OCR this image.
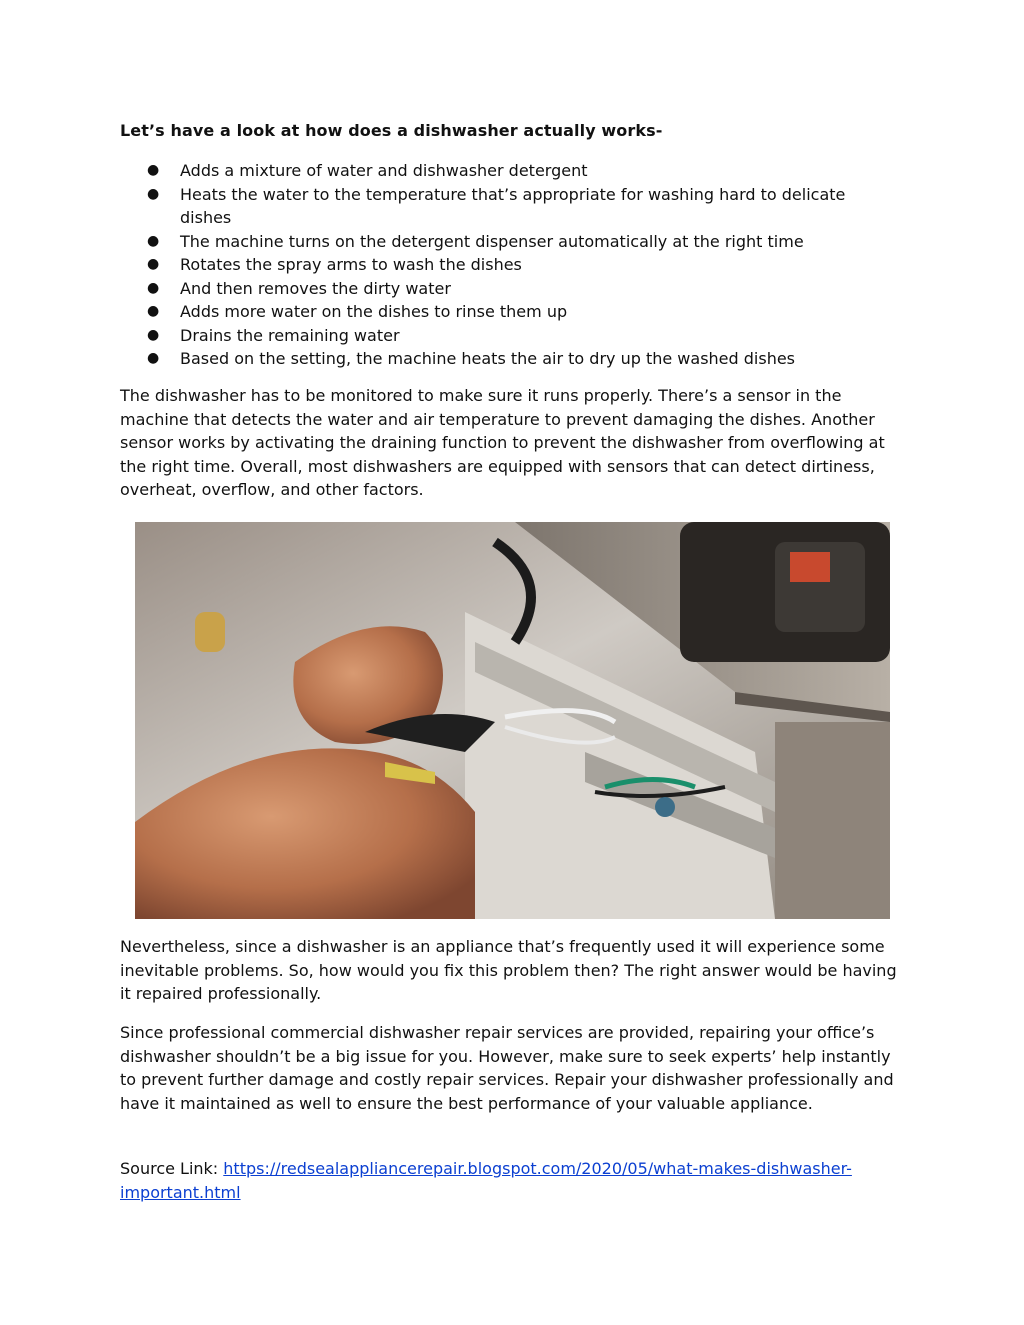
Let’s have a look at how does a dishwasher actually works-
● Adds a mixture of water and dishwasher detergent
● Heats the water to the temperature that’s appropriate for washing hard to delicate dishes
● The machine turns on the detergent dispenser automatically at the right time
● Rotates the spray arms to wash the dishes
● And then removes the dirty water
● Adds more water on the dishes to rinse them up
● Drains the remaining water
● Based on the setting, the machine heats the air to dry up the washed dishes

The dishwasher has to be monitored to make sure it runs properly. There’s a sensor in the machine that detects the water and air temperature to prevent damaging the dishes. Another sensor works by activating the draining function to prevent the dishwasher from overflowing at the right time. Overall, most dishwashers are equipped with sensors that can detect dirtiness, overheat, overflow, and other factors.

Nevertheless, since a dishwasher is an appliance that’s frequently used it will experience some inevitable problems. So, how would you fix this problem then? The right answer would be having it repaired professionally.

Since professional commercial dishwasher repair services are provided, repairing your office’s dishwasher shouldn’t be a big issue for you. However, make sure to seek experts’ help instantly to prevent further damage and costly repair services. Repair your dishwasher professionally and have it maintained as well to ensure the best performance of your valuable appliance.

Source Link: https://redsealappliancerepair.blogspot.com/2020/05/what-makes-dishwasher-important.html
